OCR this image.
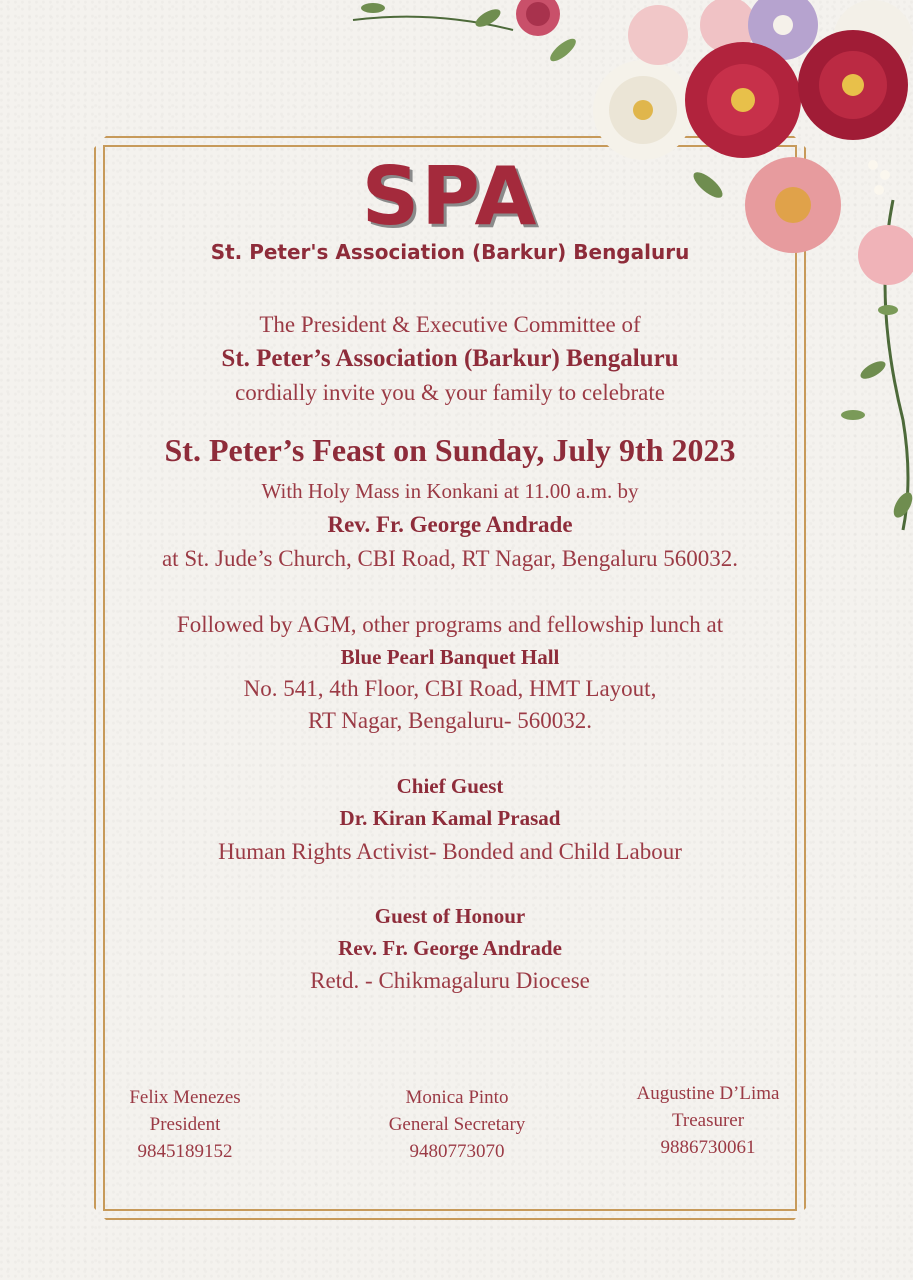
SPA
St. Peter's Association (Barkur) Bengaluru
The President & Executive Committee of
St. Peter’s Association (Barkur) Bengaluru
cordially invite you & your family to celebrate
St. Peter’s Feast on Sunday, July 9th 2023
With Holy Mass in Konkani at 11.00 a.m. by
Rev. Fr. George Andrade
at St. Jude’s Church, CBI Road, RT Nagar, Bengaluru 560032.
Followed by AGM, other programs and fellowship lunch at
Blue Pearl Banquet Hall
No. 541, 4th Floor, CBI Road, HMT Layout,
RT Nagar, Bengaluru- 560032.
Chief Guest
Dr. Kiran Kamal Prasad
Human Rights Activist- Bonded and Child Labour
Guest of Honour
Rev. Fr. George Andrade
Retd. - Chikmagaluru Diocese
Felix Menezes
President
9845189152
Monica Pinto
General Secretary
9480773070
Augustine D’Lima
Treasurer
9886730061
